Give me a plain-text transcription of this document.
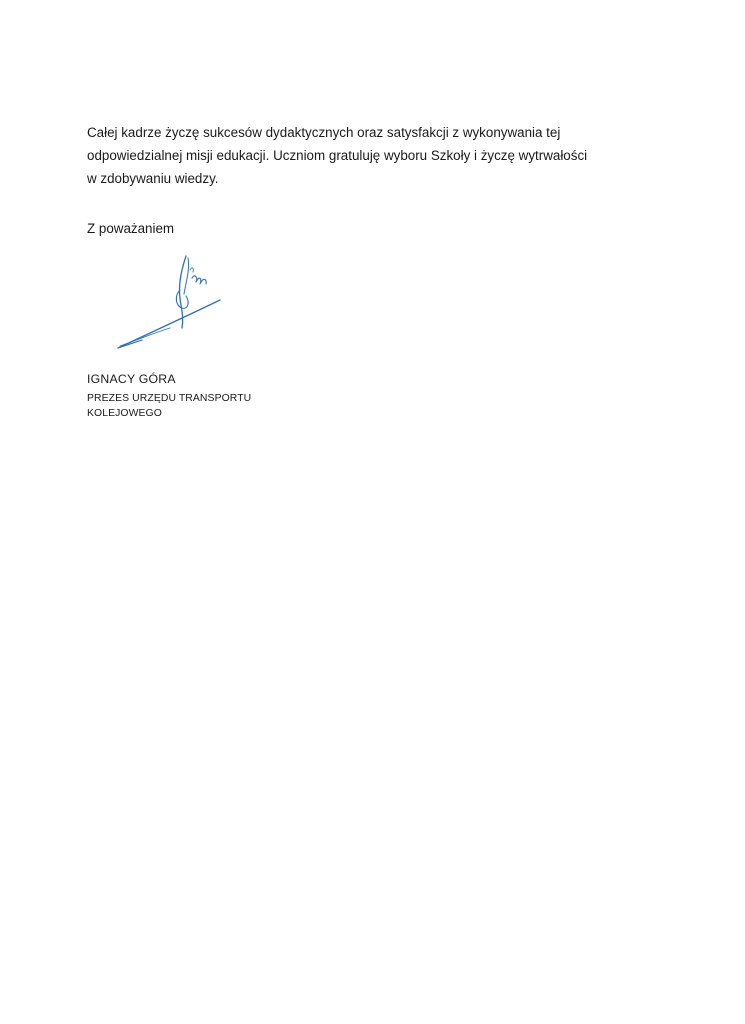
Całej kadrze życzę sukcesów dydaktycznych oraz satysfakcji z wykonywania tej
odpowiedzialnej misji edukacji. Uczniom gratuluję wyboru Szkoły i życzę wytrwałości
w zdobywaniu wiedzy.
Z poważaniem
IGNACY GÓRA
PREZES URZĘDU TRANSPORTU
KOLEJOWEGO
